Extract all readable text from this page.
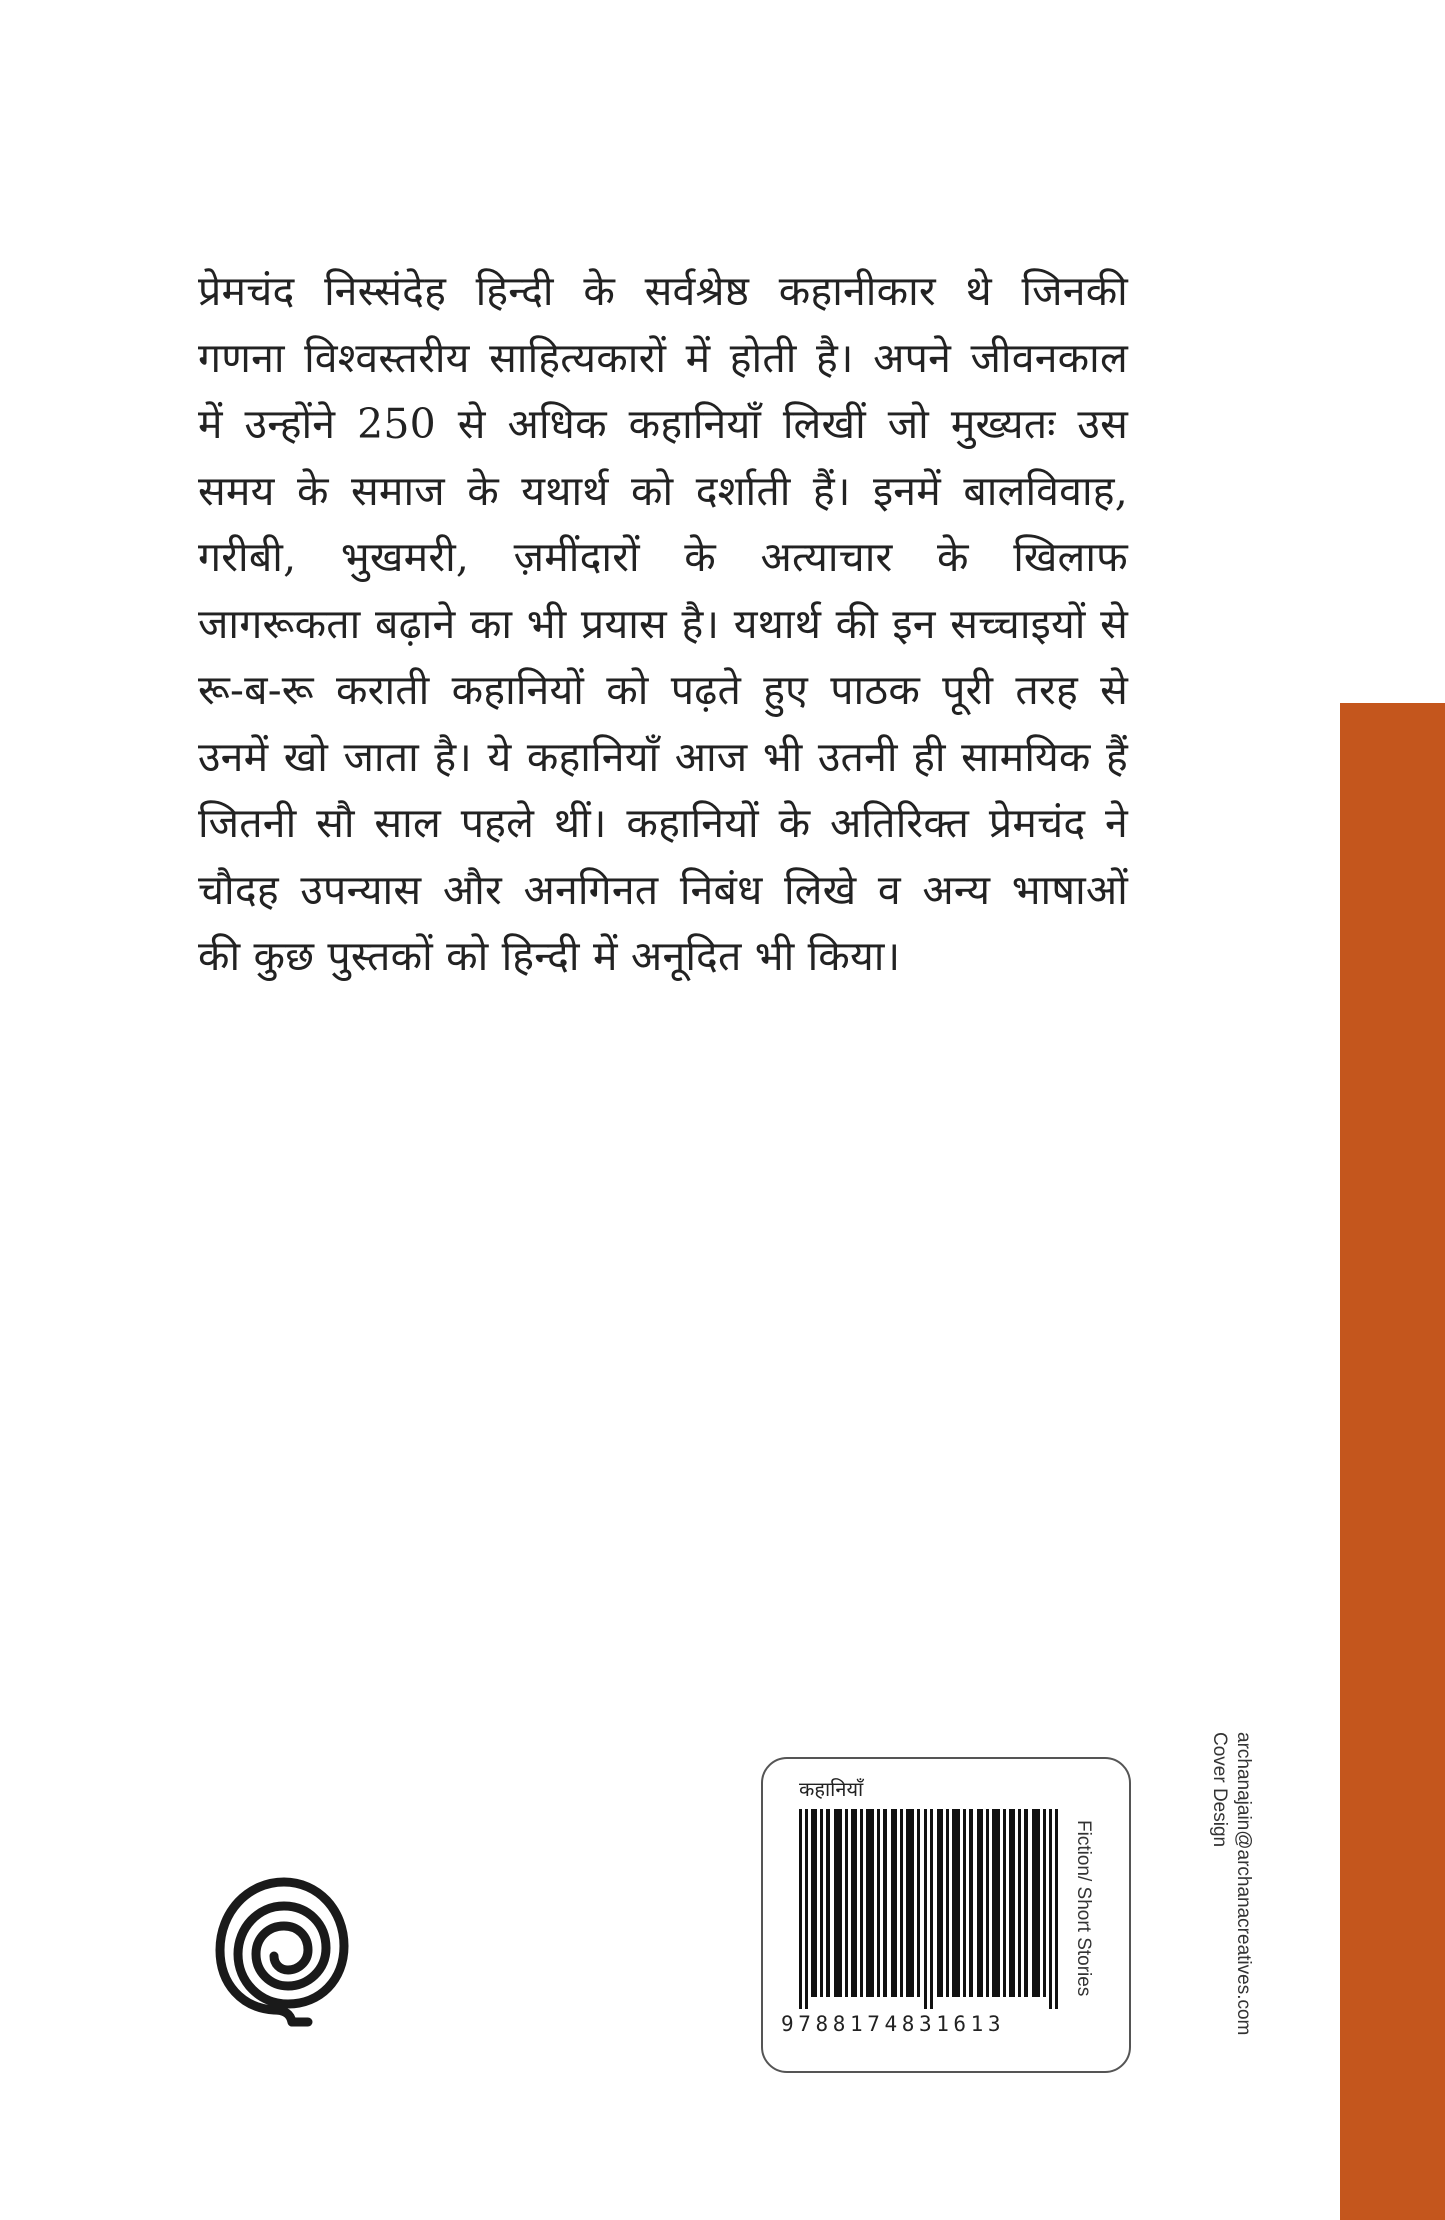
प्रेमचंद निस्संदेह हिन्दी के सर्वश्रेष्ठ कहानीकार थे जिनकी

गणना विश्वस्तरीय साहित्यकारों में होती है। अपने जीवनकाल

में उन्होंने 250 से अधिक कहानियाँ लिखीं जो मुख्यतः उस

समय के समाज के यथार्थ को दर्शाती हैं। इनमें बालविवाह,

गरीबी, भुखमरी, ज़मींदारों के अत्याचार के खिलाफ

जागरूकता बढ़ाने का भी प्रयास है। यथार्थ की इन सच्चाइयों से

रू-ब-रू कराती कहानियों को पढ़ते हुए पाठक पूरी तरह से

उनमें खो जाता है। ये कहानियाँ आज भी उतनी ही सामयिक हैं

जितनी सौ साल पहले थीं। कहानियों के अतिरिक्त प्रेमचंद ने

चौदह उपन्यास और अनगिनत निबंध लिखे व अन्य भाषाओं

की कुछ पुस्तकों को हिन्दी में अनूदित भी किया।

कहानियाँ
9788174831613
Fiction/ Short Stories
Cover Design archanajain@archanacreatives.com
